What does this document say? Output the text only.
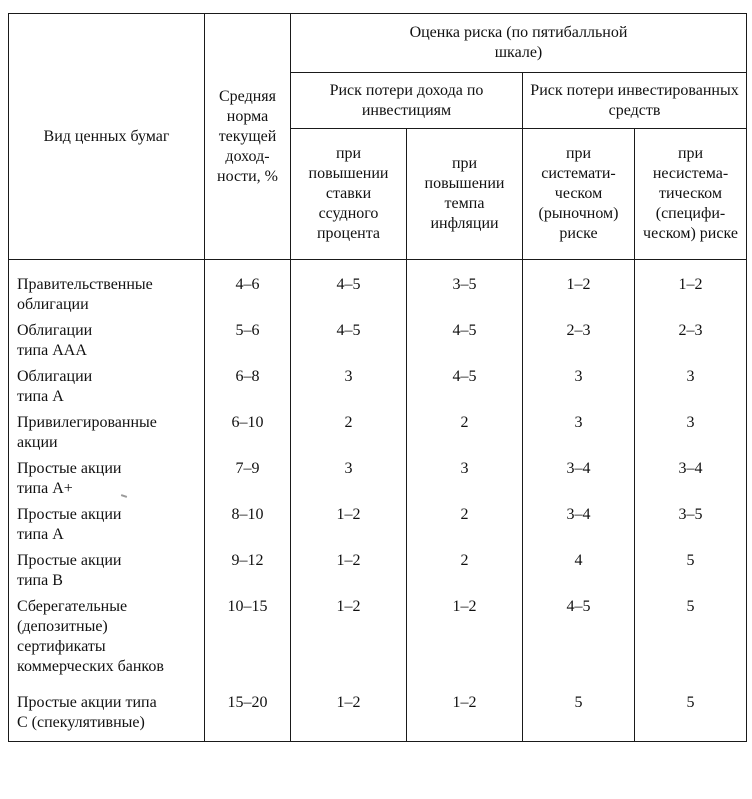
Вид ценных бумаг	Средняя норма текущей доход-ности, %	Оценка риска (по пятибалльной шкале)			
		Риск потери дохода по инвестициям		Риск потери инвестированных средств	
		при повышении ставки ссудного процента	при повышении темпа инфляции	при системати-ческом (рыночном) риске	при несистема-тическом (специфи-ческом) риске

Правительственные облигации	4–6	4–5	3–5	1–2	1–2

Облигации типа ААА	5–6	4–5	4–5	2–3	2–3

Облигации типа А	6–8	3	4–5	3	3

Привилегированные акции	6–10	2	2	3	3

Простые акции типа А+	7–9	3	3	3–4	3–4

Простые акции типа А	8–10	1–2	2	3–4	3–5

Простые акции типа В	9–12	1–2	2	4	5

Сберегательные (депозитные) сертификаты коммерческих банков	10–15	1–2	1–2	4–5	5

Простые акции типа С (спекулятивные)	15–20	1–2	1–2	5	5
